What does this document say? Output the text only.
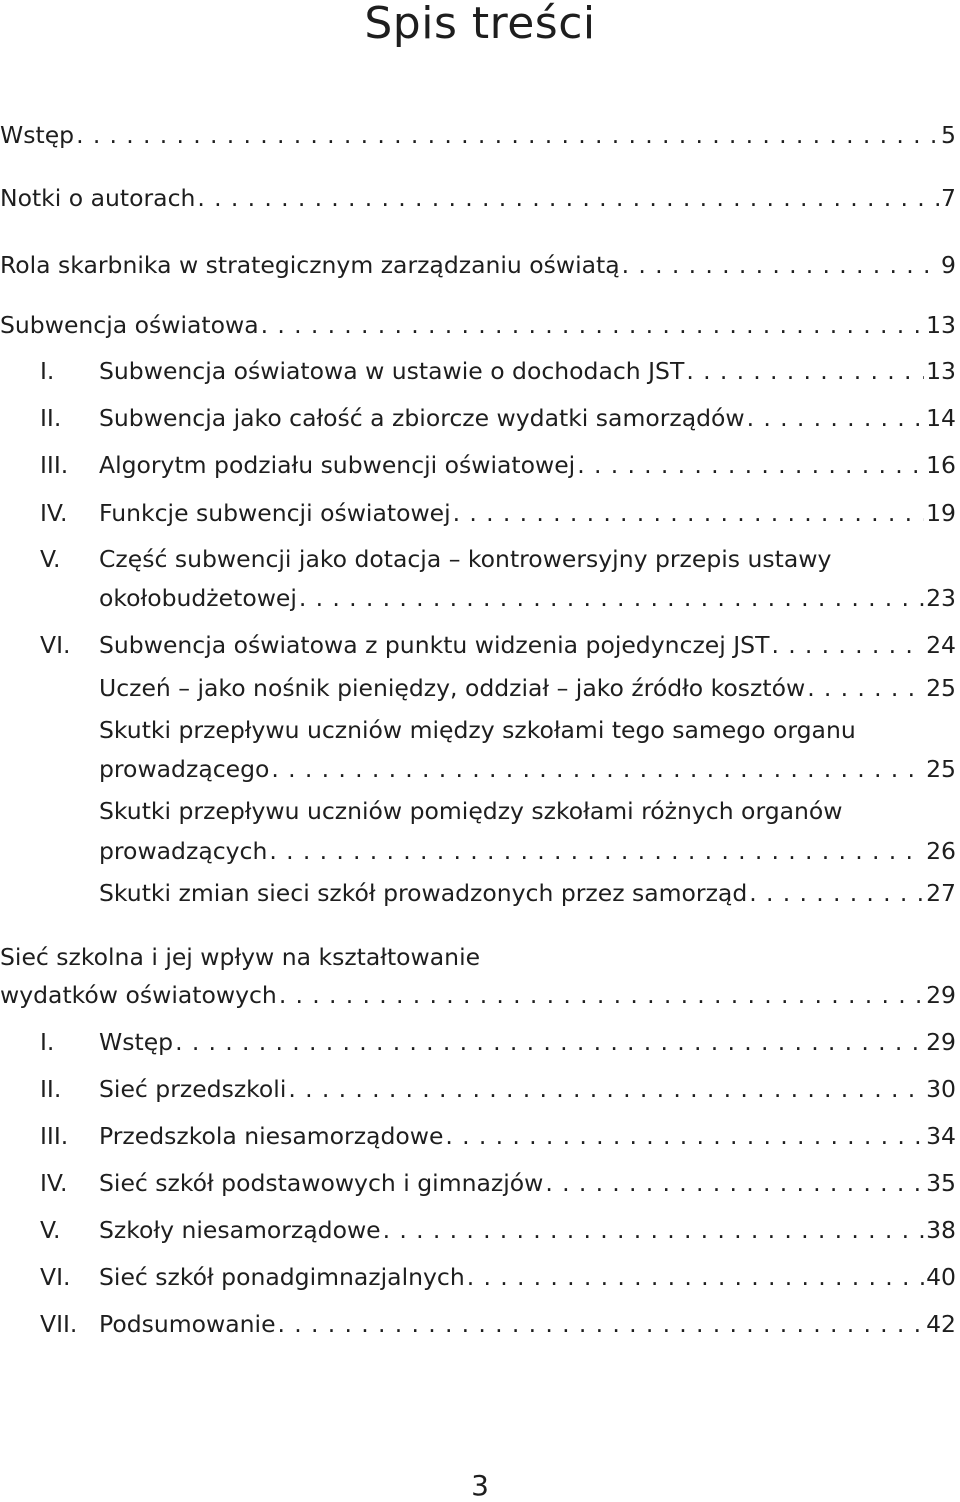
Spis treści
Wstęp . . .	5
Notki o autorach . . .	7
Rola skarbnika w strategicznym zarządzaniu oświatą . . .	9
Subwencja oświatowa . . .	13
I. Subwencja oświatowa w ustawie o dochodach JST . . .	13
II. Subwencja jako całość a zbiorcze wydatki samorządów . . .	14
III. Algorytm podziału subwencji oświatowej . . .	16
IV. Funkcje subwencji oświatowej . . .	19
V. Część subwencji jako dotacja – kontrowersyjny przepis ustawy
okołobudżetowej . . .	23
VI. Subwencja oświatowa z punktu widzenia pojedynczej JST . . .	24
Uczeń – jako nośnik pieniędzy, oddział – jako źródło kosztów . . .	25
Skutki przepływu uczniów między szkołami tego samego organu
prowadzącego . . .	25
Skutki przepływu uczniów pomiędzy szkołami różnych organów
prowadzących . . .	26
Skutki zmian sieci szkół prowadzonych przez samorząd . . .	27
Sieć szkolna i jej wpływ na kształtowanie
wydatków oświatowych . . .	29
I. Wstęp . . .	29
II. Sieć przedszkoli . . .	30
III. Przedszkola niesamorządowe . . .	34
IV. Sieć szkół podstawowych i gimnazjów . . .	35
V. Szkoły niesamorządowe . . .	38
VI. Sieć szkół ponadgimnazjalnych . . .	40
VII. Podsumowanie . . .	42
3
